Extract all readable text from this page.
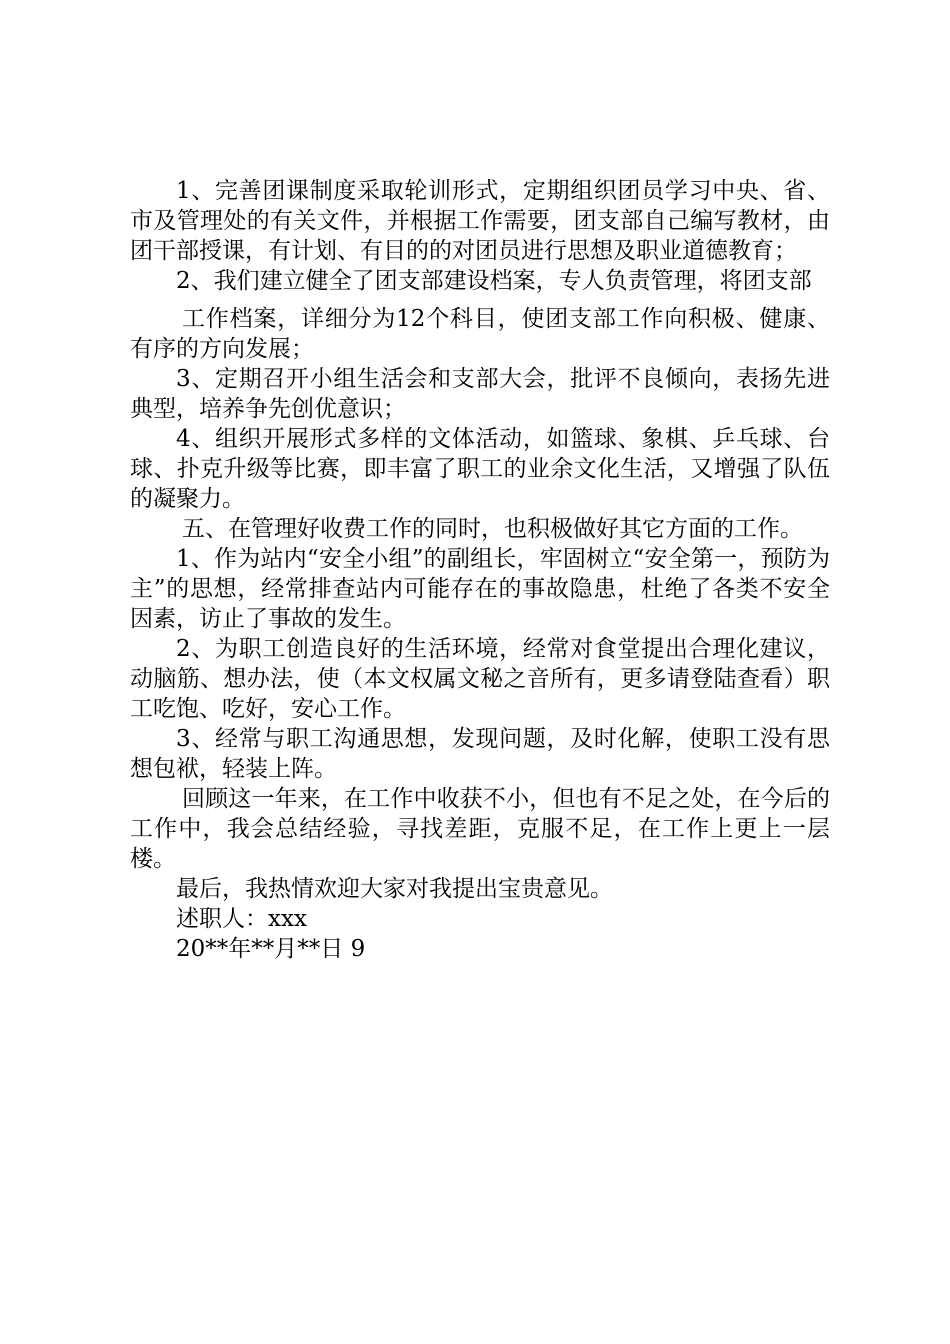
1、完善团课制度采取轮训形式，定期组织团员学习中央、省、市及管理处的有关文件，并根据工作需要，团支部自己编写教材，由团干部授课，有计划、有目的的对团员进行思想及职业道德教育；

2、我们建立健全了团支部建设档案，专人负责管理，将团支部

工作档案，详细分为12个科目，使团支部工作向积极、健康、有序的方向发展；

3、定期召开小组生活会和支部大会，批评不良倾向，表扬先进典型，培养争先创优意识；

4、组织开展形式多样的文体活动，如篮球、象棋、乒乓球、台球、扑克升级等比赛，即丰富了职工的业余文化生活，又增强了队伍的凝聚力。

五、在管理好收费工作的同时，也积极做好其它方面的工作。

1、作为站内“安全小组”的副组长，牢固树立“安全第一，预防为主”的思想，经常排查站内可能存在的事故隐患，杜绝了各类不安全因素，访止了事故的发生。

2、为职工创造良好的生活环境，经常对食堂提出合理化建议，动脑筋、想办法，使（本文权属文秘之音所有，更多请登陆查看）职工吃饱、吃好，安心工作。

3、经常与职工沟通思想，发现问题，及时化解，使职工没有思想包袱，轻装上阵。

回顾这一年来，在工作中收获不小，但也有不足之处，在今后的工作中，我会总结经验，寻找差距，克服不足，在工作上更上一层楼。

最后，我热情欢迎大家对我提出宝贵意见。

述职人：xxx

20**年**月**日 9
